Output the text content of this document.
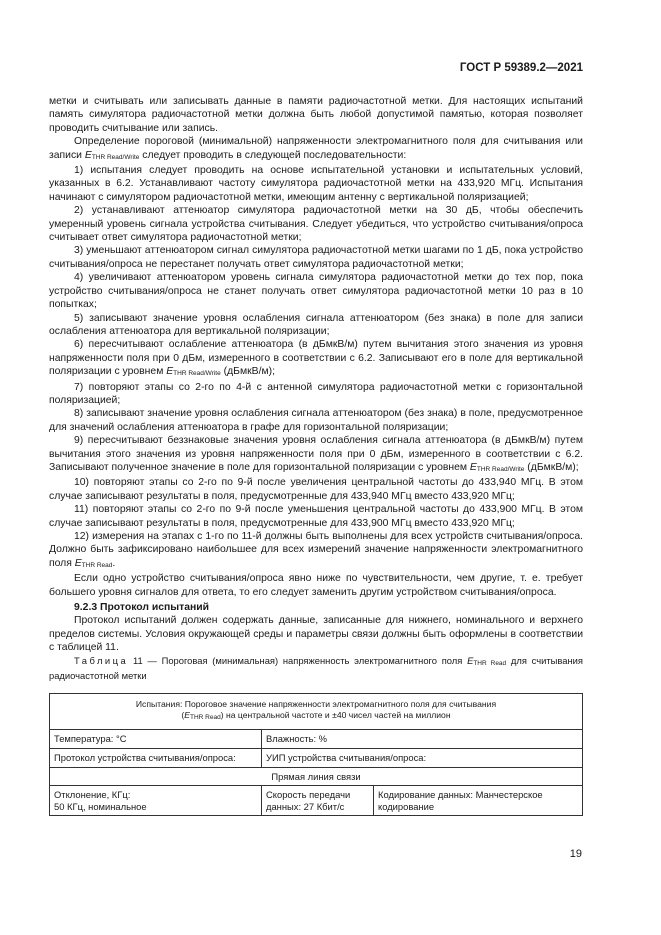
ГОСТ Р 59389.2—2021

метки и считывать или записывать данные в памяти радиочастотной метки. Для настоящих испытаний память симулятора радиочастотной метки должна быть любой допустимой памятью, которая позволяет проводить считывание или запись.

Определение пороговой (минимальной) напряженности электромагнитного поля для считывания или записи ETHR Read/Write следует проводить в следующей последовательности:

1) испытания следует проводить на основе испытательной установки и испытательных условий, указанных в 6.2. Устанавливают частоту симулятора радиочастотной метки на 433,920 МГц. Испытания начинают с симулятором радиочастотной метки, имеющим антенну с вертикальной поляризацией;

2) устанавливают аттенюатор симулятора радиочастотной метки на 30 дБ, чтобы обеспечить умеренный уровень сигнала устройства считывания. Следует убедиться, что устройство считывания/опроса считывает ответ симулятора радиочастотной метки;

3) уменьшают аттенюатором сигнал симулятора радиочастотной метки шагами по 1 дБ, пока устройство считывания/опроса не перестанет получать ответ симулятора радиочастотной метки;

4) увеличивают аттенюатором уровень сигнала симулятора радиочастотной метки до тех пор, пока устройство считывания/опроса не станет получать ответ симулятора радиочастотной метки 10 раз в 10 попытках;

5) записывают значение уровня ослабления сигнала аттенюатором (без знака) в поле для записи ослабления аттенюатора для вертикальной поляризации;

6) пересчитывают ослабление аттенюатора (в дБмкВ/м) путем вычитания этого значения из уровня напряженности поля при 0 дБм, измеренного в соответствии с 6.2. Записывают его в поле для вертикальной поляризации с уровнем ETHR Read/Write (дБмкВ/м);

7) повторяют этапы со 2-го по 4-й с антенной симулятора радиочастотной метки с горизонтальной поляризацией;

8) записывают значение уровня ослабления сигнала аттенюатором (без знака) в поле, предусмотренное для значений ослабления аттенюатора в графе для горизонтальной поляризации;

9) пересчитывают беззнаковые значения уровня ослабления сигнала аттенюатора (в дБмкВ/м) путем вычитания этого значения из уровня напряженности поля при 0 дБм, измеренного в соответствии с 6.2. Записывают полученное значение в поле для горизонтальной поляризации с уровнем ETHR Read/Write (дБмкВ/м);

10) повторяют этапы со 2-го по 9-й после увеличения центральной частоты до 433,940 МГц. В этом случае записывают результаты в поля, предусмотренные для 433,940 МГц вместо 433,920 МГц;

11) повторяют этапы со 2-го по 9-й после уменьшения центральной частоты до 433,900 МГц. В этом случае записывают результаты в поля, предусмотренные для 433,900 МГц вместо 433,920 МГц;

12) измерения на этапах с 1-го по 11-й должны быть выполнены для всех устройств считывания/опроса. Должно быть зафиксировано наибольшее для всех измерений значение напряженности электромагнитного поля ETHR Read.

Если одно устройство считывания/опроса явно ниже по чувствительности, чем другие, т. е. требует большего уровня сигналов для ответа, то его следует заменить другим устройством считывания/опроса.

9.2.3 Протокол испытаний

Протокол испытаний должен содержать данные, записанные для нижнего, номинального и верхнего пределов системы. Условия окружающей среды и параметры связи должны быть оформлены в соответствии с таблицей 11.

Таблица 11 — Пороговая (минимальная) напряженность электромагнитного поля ETHR Read для считывания радиочастотной метки

Испытания: Пороговое значение напряженности электромагнитного поля для считывания
(ETHR Read) на центральной частоте и ±40 чисел частей на миллион		
Температура: °С	Влажность: %	
Протокол устройства считывания/опроса:	УИП устройства считывания/опроса:	
Прямая линия связи		
Отклонение, КГц:
50 КГц, номинальное	Скорость передачи данных: 27 Кбит/с	Кодирование данных: Манчестерское кодирование
19
